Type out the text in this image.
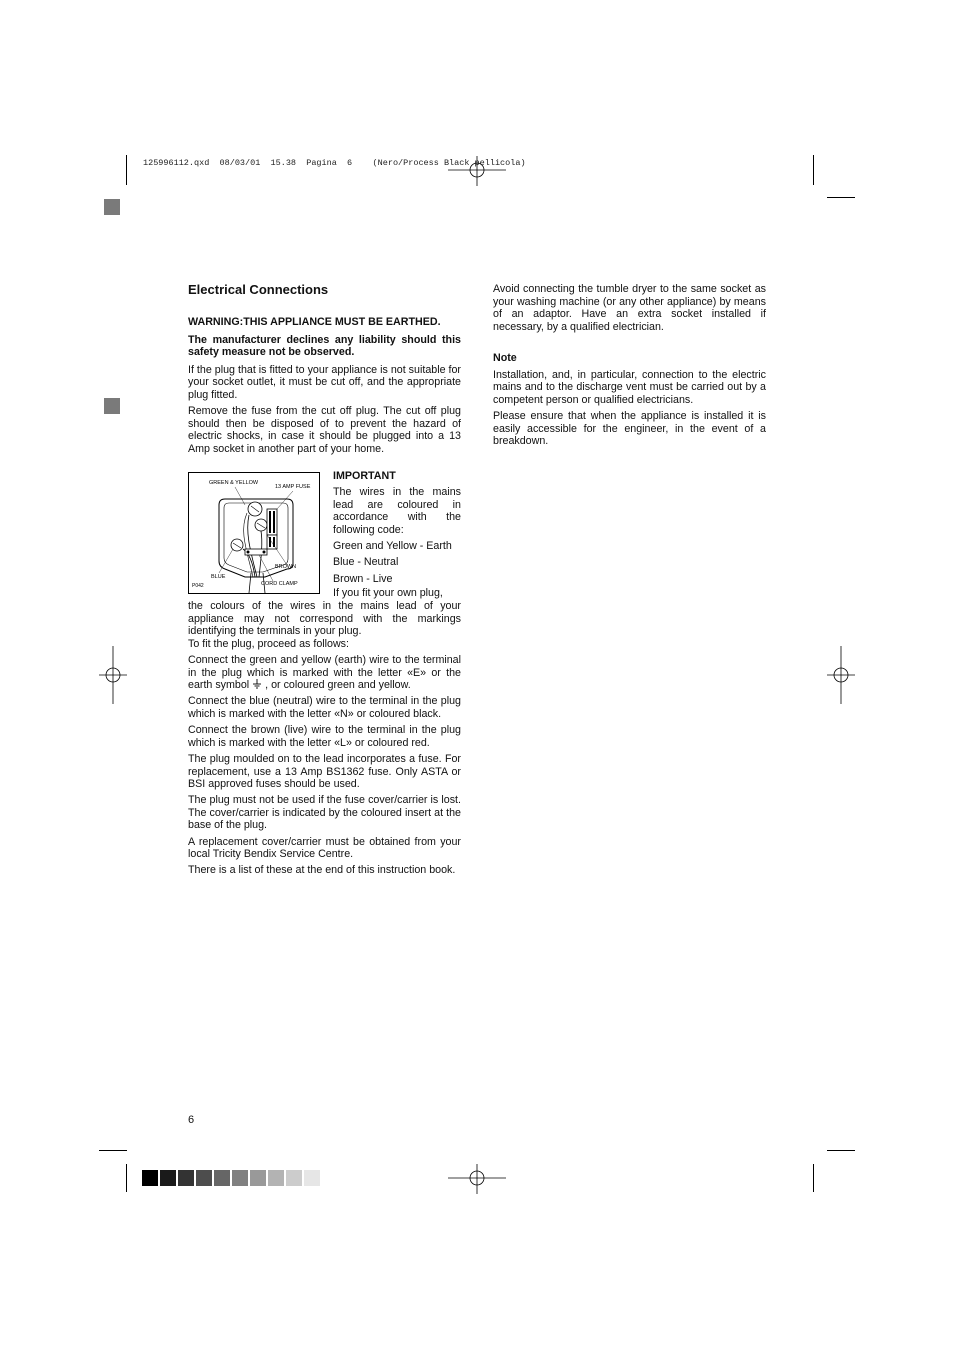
125996112.qxd  08/03/01  15.38  Pagina  6    (Nero/Process Black pellicola)
Electrical Connections

WARNING:THIS APPLIANCE MUST BE EARTHED.

The manufacturer declines any liability should this safety measure not be observed.

If the plug that is fitted to your appliance is not suitable for your socket outlet, it must be cut off, and the appropriate plug fitted.

Remove the fuse from the cut off plug. The cut off plug should then be disposed of to prevent the hazard of electric shocks, in case it should be plugged into a 13 Amp socket in another part of your home.

GREEN & YELLOW
13 AMP FUSE
BROWN
BLUE
CORD CLAMP
P042

IMPORTANT

The wires in the mains lead are coloured in accordance with the following code:

Green and Yellow - Earth

Blue - Neutral

Brown - Live

If you fit your own plug,

the colours of the wires in the mains lead of your appliance may not correspond with the markings identifying the terminals in your plug.

To fit the plug, proceed as follows:

Connect the green and yellow (earth) wire to the terminal in the plug which is marked with the letter «E» or the earth symbol , or coloured green and yellow.

Connect the blue (neutral) wire to the terminal in the plug which is marked with the letter «N» or coloured black.

Connect the brown (live) wire to the terminal in the plug which is marked with the letter «L» or coloured red.

The plug moulded on to the lead incorporates a fuse. For replacement, use a 13 Amp BS1362 fuse. Only ASTA or BSI approved fuses should be used.

The plug must not be used if the fuse cover/carrier is lost. The cover/carrier is indicated by the coloured insert at the base of the plug.

A replacement cover/carrier must be obtained from your local Tricity Bendix Service Centre.

There is a list of these at the end of this instruction book.

Avoid connecting the tumble dryer to the same socket as your washing machine (or any other appliance) by means of an adaptor. Have an extra socket installed if necessary, by a qualified electrician.

Note

Installation, and, in particular, connection to the electric mains and to the discharge vent must be carried out by a competent person or qualified electricians.

Please ensure that when the appliance is installed it is easily accessible for the engineer, in the event of a breakdown.

6
